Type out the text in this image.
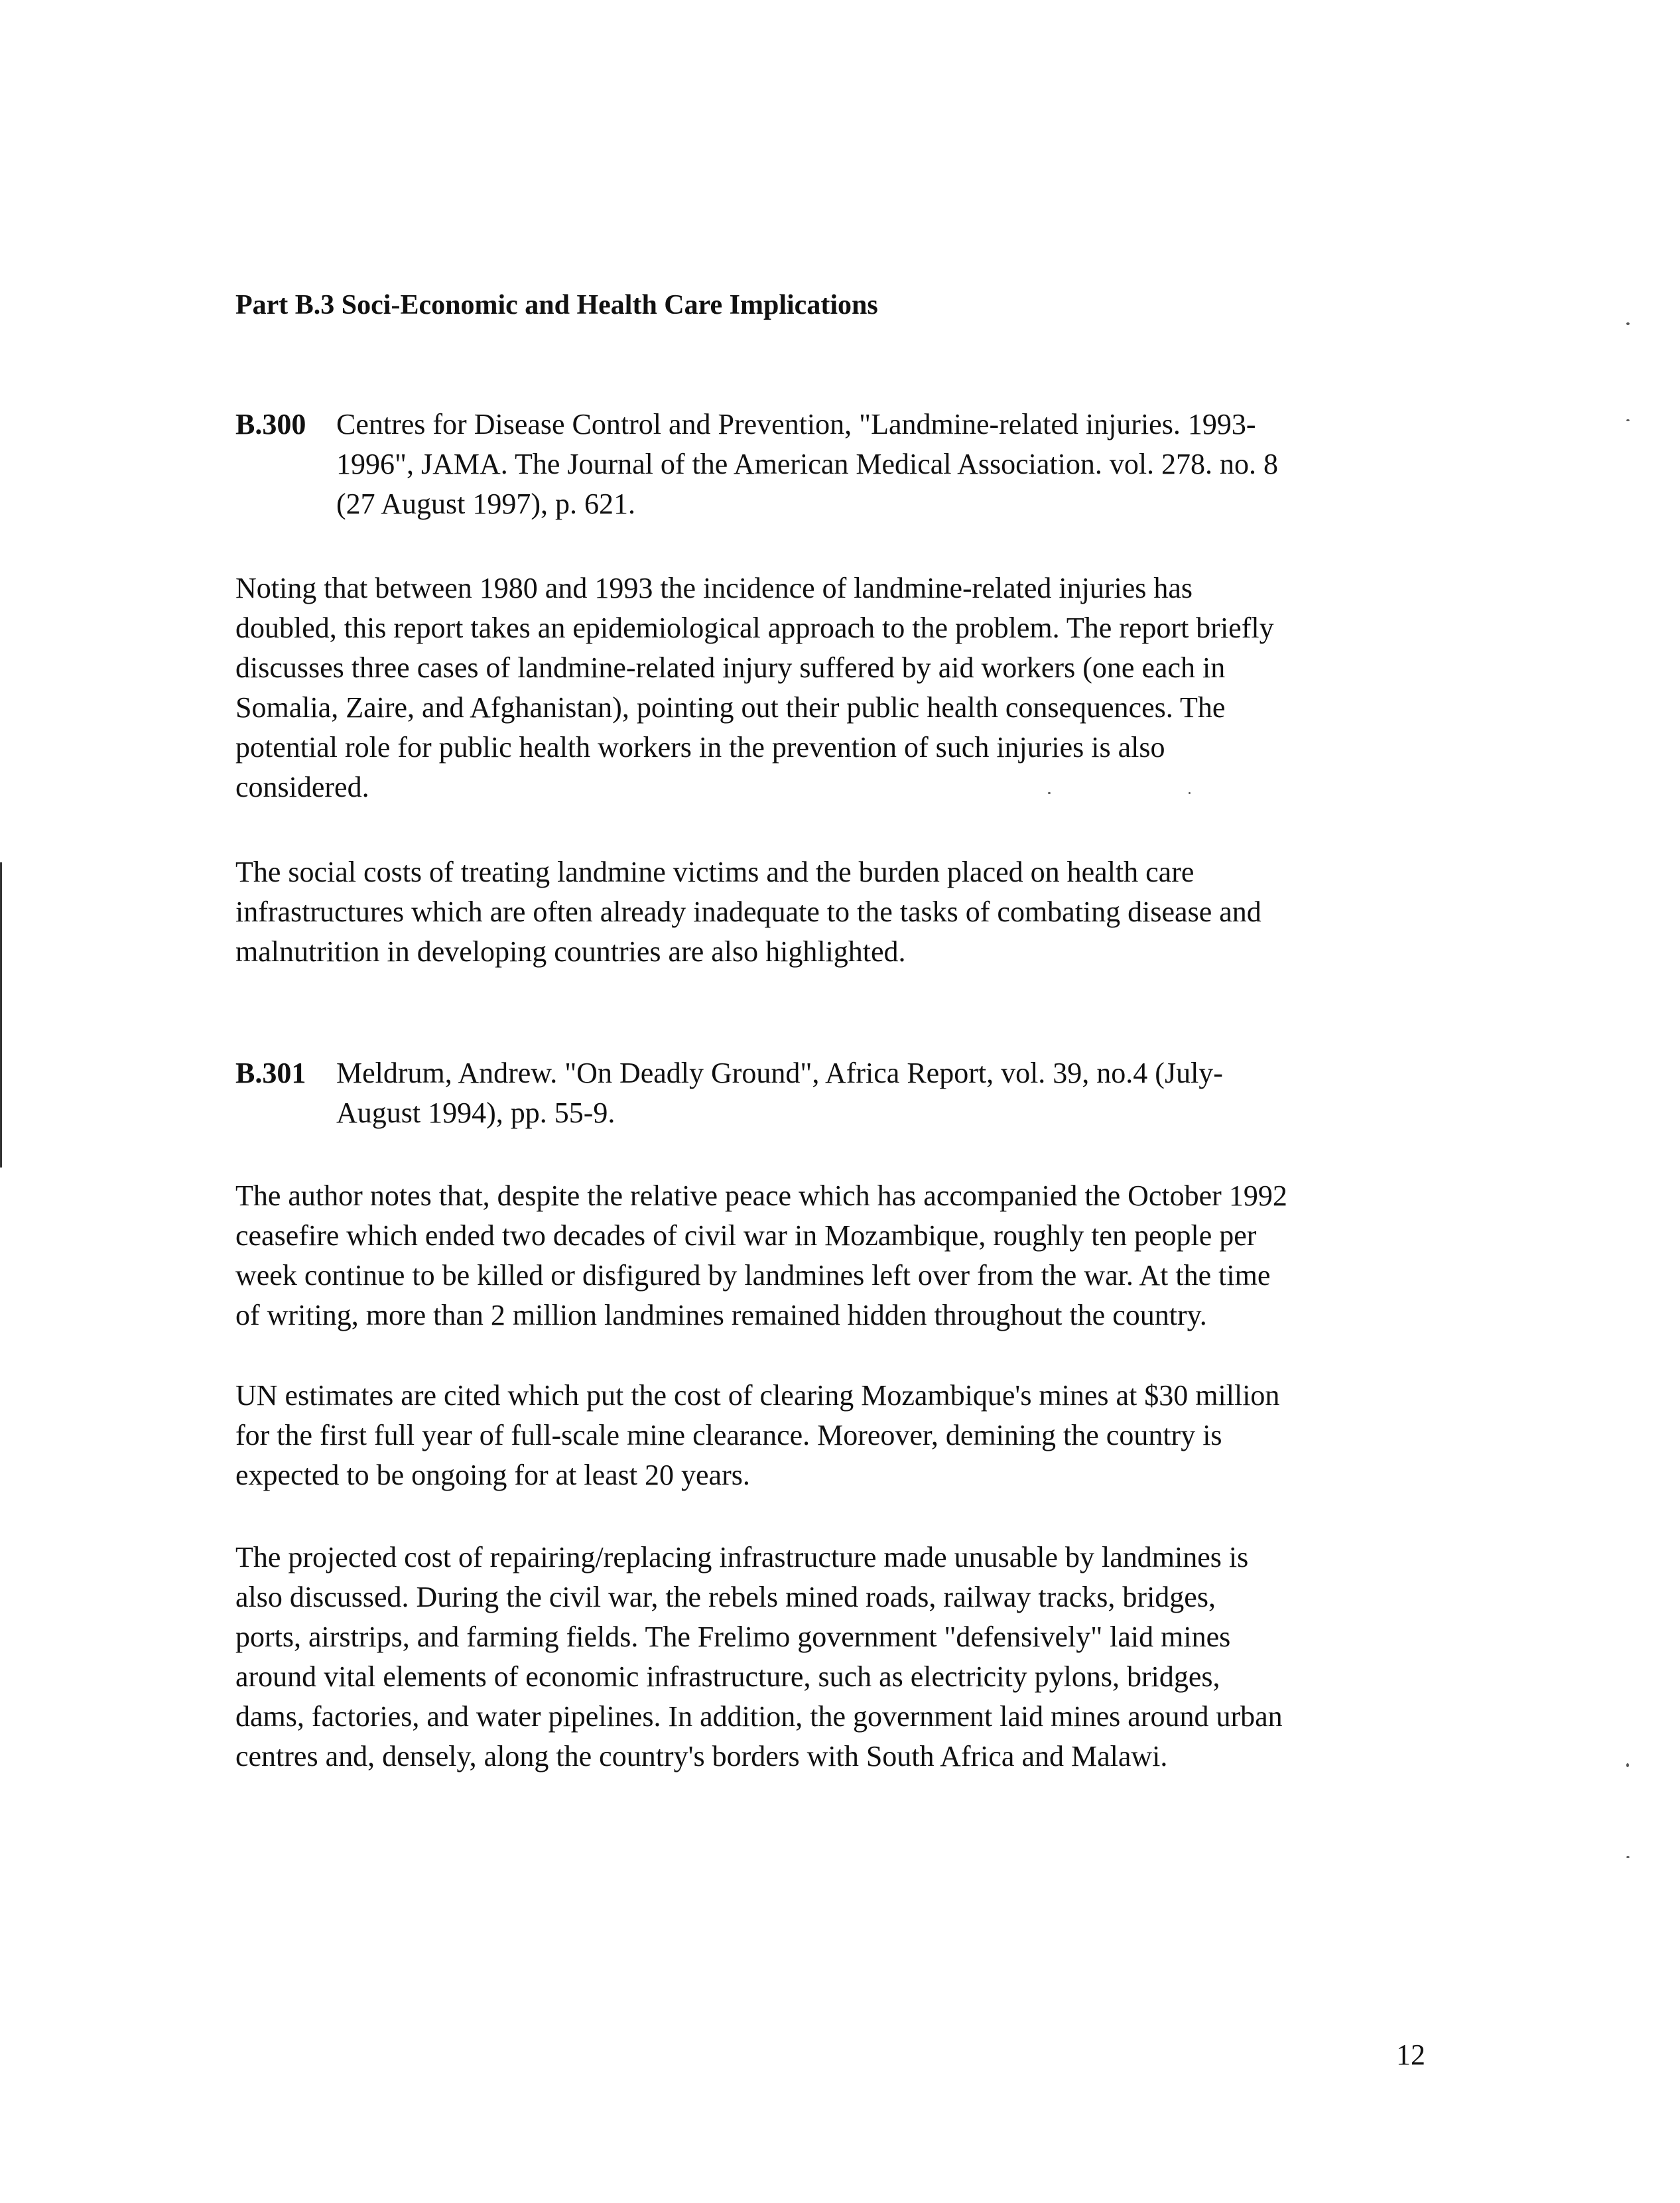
Part B.3 Soci-Economic and Health Care Implications
B.300 Centres for Disease Control and Prevention, "Landmine-related injuries. 1993-
1996", JAMA. The Journal of the American Medical Association. vol. 278. no. 8
(27 August 1997), p. 621.
Noting that between 1980 and 1993 the incidence of landmine-related injuries has
doubled, this report takes an epidemiological approach to the problem. The report briefly
discusses three cases of landmine-related injury suffered by aid workers (one each in
Somalia, Zaire, and Afghanistan), pointing out their public health consequences. The
potential role for public health workers in the prevention of such injuries is also
considered.
The social costs of treating landmine victims and the burden placed on health care
infrastructures which are often already inadequate to the tasks of combating disease and
malnutrition in developing countries are also highlighted.
B.301 Meldrum, Andrew. "On Deadly Ground", Africa Report, vol. 39, no.4 (July-
August 1994), pp. 55-9.
The author notes that, despite the relative peace which has accompanied the October 1992
ceasefire which ended two decades of civil war in Mozambique, roughly ten people per
week continue to be killed or disfigured by landmines left over from the war. At the time
of writing, more than 2 million landmines remained hidden throughout the country.
UN estimates are cited which put the cost of clearing Mozambique's mines at $30 million
for the first full year of full-scale mine clearance. Moreover, demining the country is
expected to be ongoing for at least 20 years.
The projected cost of repairing/replacing infrastructure made unusable by landmines is
also discussed. During the civil war, the rebels mined roads, railway tracks, bridges,
ports, airstrips, and farming fields. The Frelimo government "defensively" laid mines
around vital elements of economic infrastructure, such as electricity pylons, bridges,
dams, factories, and water pipelines. In addition, the government laid mines around urban
centres and, densely, along the country's borders with South Africa and Malawi.
12
